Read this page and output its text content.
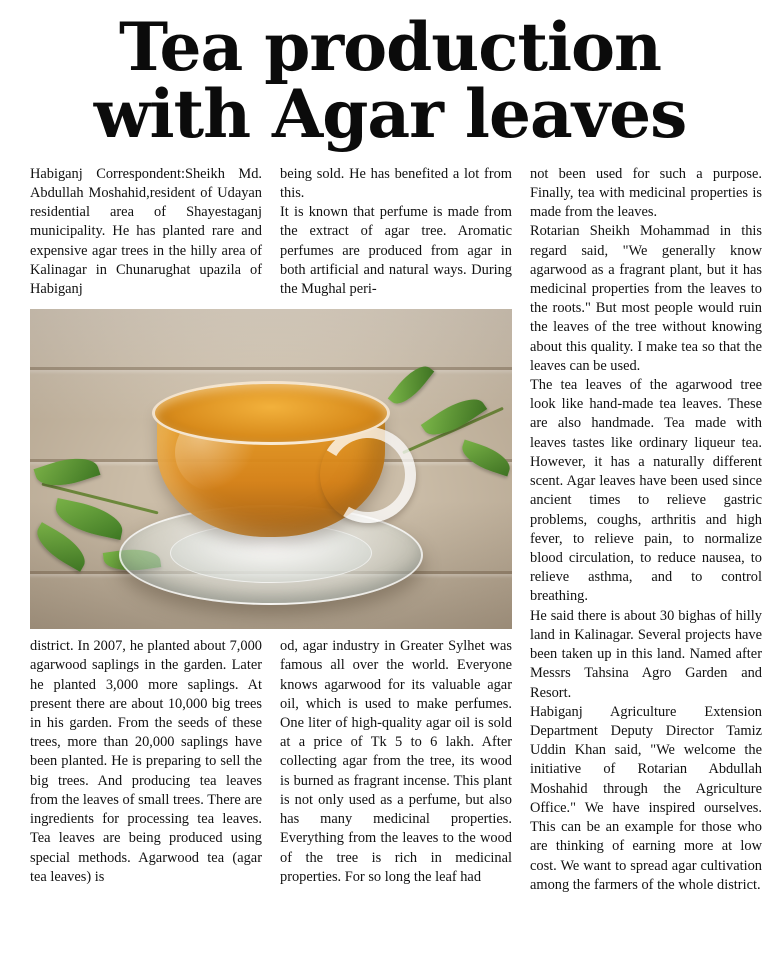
Tea production
with Agar leaves

Habiganj Correspondent:Sheikh Md. Abdullah Moshahid,resident of Udayan residential area of Shayestaganj municipality. He has planted rare and expensive agar trees in the hilly area of Kalinagar in Chunarughat upazila of Habiganj

being sold. He has benefited a lot from this.

It is known that perfume is made from the extract of agar tree. Aromatic perfumes are produced from agar in both artificial and natural ways. During the Mughal peri-

district. In 2007, he planted about 7,000 agarwood saplings in the garden. Later he planted 3,000 more saplings. At present there are about 10,000 big trees in his garden. From the seeds of these trees, more than 20,000 saplings have been planted. He is preparing to sell the big trees. And producing tea leaves from the leaves of small trees. There are ingredients for processing tea leaves. Tea leaves are being produced using special methods. Agarwood tea (agar tea leaves) is

od, agar industry in Greater Sylhet was famous all over the world. Everyone knows agarwood for its valuable agar oil, which is used to make perfumes. One liter of high-quality agar oil is sold at a price of Tk 5 to 6 lakh. After collecting agar from the tree, its wood is burned as fragrant incense. This plant is not only used as a perfume, but also has many medicinal properties. Everything from the leaves to the wood of the tree is rich in medicinal properties. For so long the leaf had

not been used for such a purpose. Finally, tea with medicinal properties is made from the leaves.

Rotarian Sheikh Mohammad in this regard said, "We generally know agarwood as a fragrant plant, but it has medicinal properties from the leaves to the roots." But most people would ruin the leaves of the tree without knowing about this quality. I make tea so that the leaves can be used.

The tea leaves of the agarwood tree look like hand-made tea leaves. These are also handmade. Tea made with leaves tastes like ordinary liqueur tea. However, it has a naturally different scent. Agar leaves have been used since ancient times to relieve gastric problems, coughs, arthritis and high fever, to relieve pain, to normalize blood circulation, to reduce nausea, to relieve asthma, and to control breathing.

He said there is about 30 bighas of hilly land in Kalinagar. Several projects have been taken up in this land. Named after Messrs Tahsina Agro Garden and Resort.

Habiganj Agriculture Extension Department Deputy Director Tamiz Uddin Khan said, "We welcome the initiative of Rotarian Abdullah Moshahid through the Agriculture Office." We have inspired ourselves. This can be an example for those who are thinking of earning more at low cost. We want to spread agar cultivation among the farmers of the whole district.
